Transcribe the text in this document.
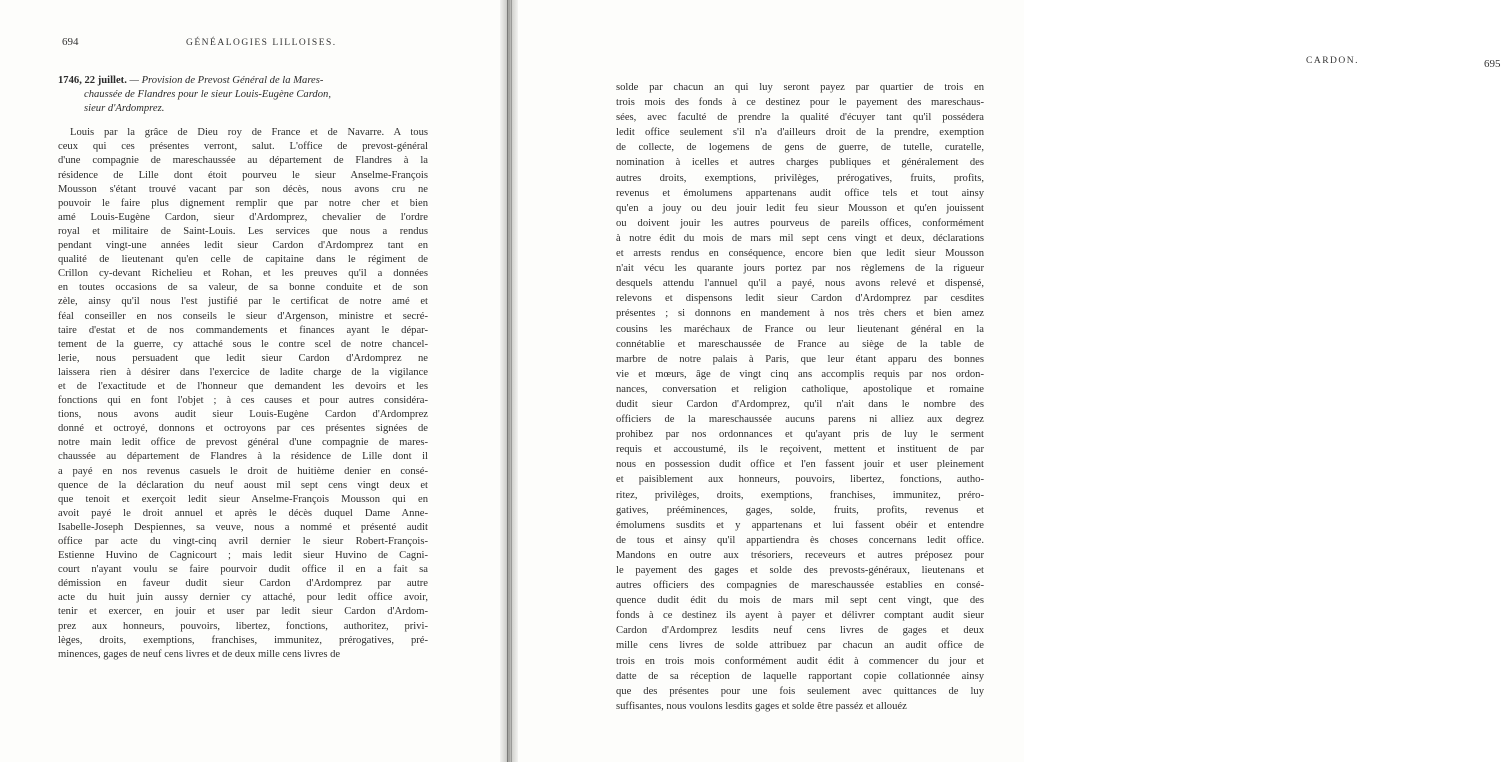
694	GÉNÉALOGIES LILLOISES.
1746, 22 juillet. — Provision de Prevost Général de la Mares-
chaussée de Flandres pour le sieur Louis-Eugène Cardon,
sieur d'Ardomprez.
Louis par la grâce de Dieu roy de France et de Navarre. A tous
ceux qui ces présentes verront, salut. L'office de prevost-général
d'une compagnie de mareschaussée au département de Flandres à la
résidence de Lille dont étoit pourveu le sieur Anselme-François
Mousson s'étant trouvé vacant par son décès, nous avons cru ne
pouvoir le faire plus dignement remplir que par notre cher et bien
amé Louis-Eugène Cardon, sieur d'Ardomprez, chevalier de l'ordre
royal et militaire de Saint-Louis. Les services que nous a rendus
pendant vingt-une années ledit sieur Cardon d'Ardomprez tant en
qualité de lieutenant qu'en celle de capitaine dans le régiment de
Crillon cy-devant Richelieu et Rohan, et les preuves qu'il a données
en toutes occasions de sa valeur, de sa bonne conduite et de son
zèle, ainsy qu'il nous l'est justifié par le certificat de notre amé et
féal conseiller en nos conseils le sieur d'Argenson, ministre et secré-
taire d'estat et de nos commandements et finances ayant le dépar-
tement de la guerre, cy attaché sous le contre scel de notre chancel-
lerie, nous persuadent que ledit sieur Cardon d'Ardomprez ne
laissera rien à désirer dans l'exercice de ladite charge de la vigilance
et de l'exactitude et de l'honneur que demandent les devoirs et les
fonctions qui en font l'objet ; à ces causes et pour autres considéra-
tions, nous avons audit sieur Louis-Eugène Cardon d'Ardomprez
donné et octroyé, donnons et octroyons par ces présentes signées de
notre main ledit office de prevost général d'une compagnie de mares-
chaussée au département de Flandres à la résidence de Lille dont il
a payé en nos revenus casuels le droit de huitième denier en consé-
quence de la déclaration du neuf aoust mil sept cens vingt deux et
que tenoit et exerçoit ledit sieur Anselme-François Mousson qui en
avoit payé le droit annuel et après le décès duquel Dame Anne-
Isabelle-Joseph Despiennes, sa veuve, nous a nommé et présenté audit
office par acte du vingt-cinq avril dernier le sieur Robert-François-
Estienne Huvino de Cagnicourt ; mais ledit sieur Huvino de Cagni-
court n'ayant voulu se faire pourvoir dudit office il en a fait sa
démission en faveur dudit sieur Cardon d'Ardomprez par autre
acte du huit juin aussy dernier cy attaché, pour ledit office avoir,
tenir et exercer, en jouir et user par ledit sieur Cardon d'Ardom-
prez aux honneurs, pouvoirs, libertez, fonctions, authoritez, privi-
lèges, droits, exemptions, franchises, immunitez, prérogatives, pré-
minences, gages de neuf cens livres et de deux mille cens livres de
CARDON.	695
solde par chacun an qui luy seront payez par quartier de trois en
trois mois des fonds à ce destinez pour le payement des mareschaus-
sées, avec faculté de prendre la qualité d'écuyer tant qu'il possédera
ledit office seulement s'il n'a d'ailleurs droit de la prendre, exemption
de collecte, de logemens de gens de guerre, de tutelle, curatelle,
nomination à icelles et autres charges publiques et généralement des
autres droits, exemptions, privilèges, prérogatives, fruits, profits,
revenus et émolumens appartenans audit office tels et tout ainsy
qu'en a jouy ou deu jouir ledit feu sieur Mousson et qu'en jouissent
ou doivent jouir les autres pourveus de pareils offices, conformément
à notre édit du mois de mars mil sept cens vingt et deux, déclarations
et arrests rendus en conséquence, encore bien que ledit sieur Mousson
n'ait vécu les quarante jours portez par nos règlemens de la rigueur
desquels attendu l'annuel qu'il a payé, nous avons relevé et dispensé,
relevons et dispensons ledit sieur Cardon d'Ardomprez par cesdites
présentes ; si donnons en mandement à nos très chers et bien amez
cousins les maréchaux de France ou leur lieutenant général en la
connétablie et mareschaussée de France au siège de la table de
marbre de notre palais à Paris, que leur étant apparu des bonnes
vie et mœurs, âge de vingt cinq ans accomplis requis par nos ordon-
nances, conversation et religion catholique, apostolique et romaine
dudit sieur Cardon d'Ardomprez, qu'il n'ait dans le nombre des
officiers de la mareschaussée aucuns parens ni alliez aux degrez
prohibez par nos ordonnances et qu'ayant pris de luy le serment
requis et accoustumé, ils le reçoivent, mettent et instituent de par
nous en possession dudit office et l'en fassent jouir et user pleinement
et paisiblement aux honneurs, pouvoirs, libertez, fonctions, autho-
ritez, privilèges, droits, exemptions, franchises, immunitez, préro-
gatives, prééminences, gages, solde, fruits, profits, revenus et
émolumens susdits et y appartenans et lui fassent obéir et entendre
de tous et ainsy qu'il appartiendra ès choses concernans ledit office.
Mandons en outre aux trésoriers, receveurs et autres préposez pour
le payement des gages et solde des prevosts-généraux, lieutenans et
autres officiers des compagnies de mareschaussée establies en consé-
quence dudit édit du mois de mars mil sept cent vingt, que des
fonds à ce destinez ils ayent à payer et délivrer comptant audit sieur
Cardon d'Ardomprez lesdits neuf cens livres de gages et deux
mille cens livres de solde attribuez par chacun an audit office de
trois en trois mois conformément audit édit à commencer du jour et
datte de sa réception de laquelle rapportant copie collationnée ainsy
que des présentes pour une fois seulement avec quittances de luy
suffisantes, nous voulons lesdits gages et solde être passéz et allouéz
